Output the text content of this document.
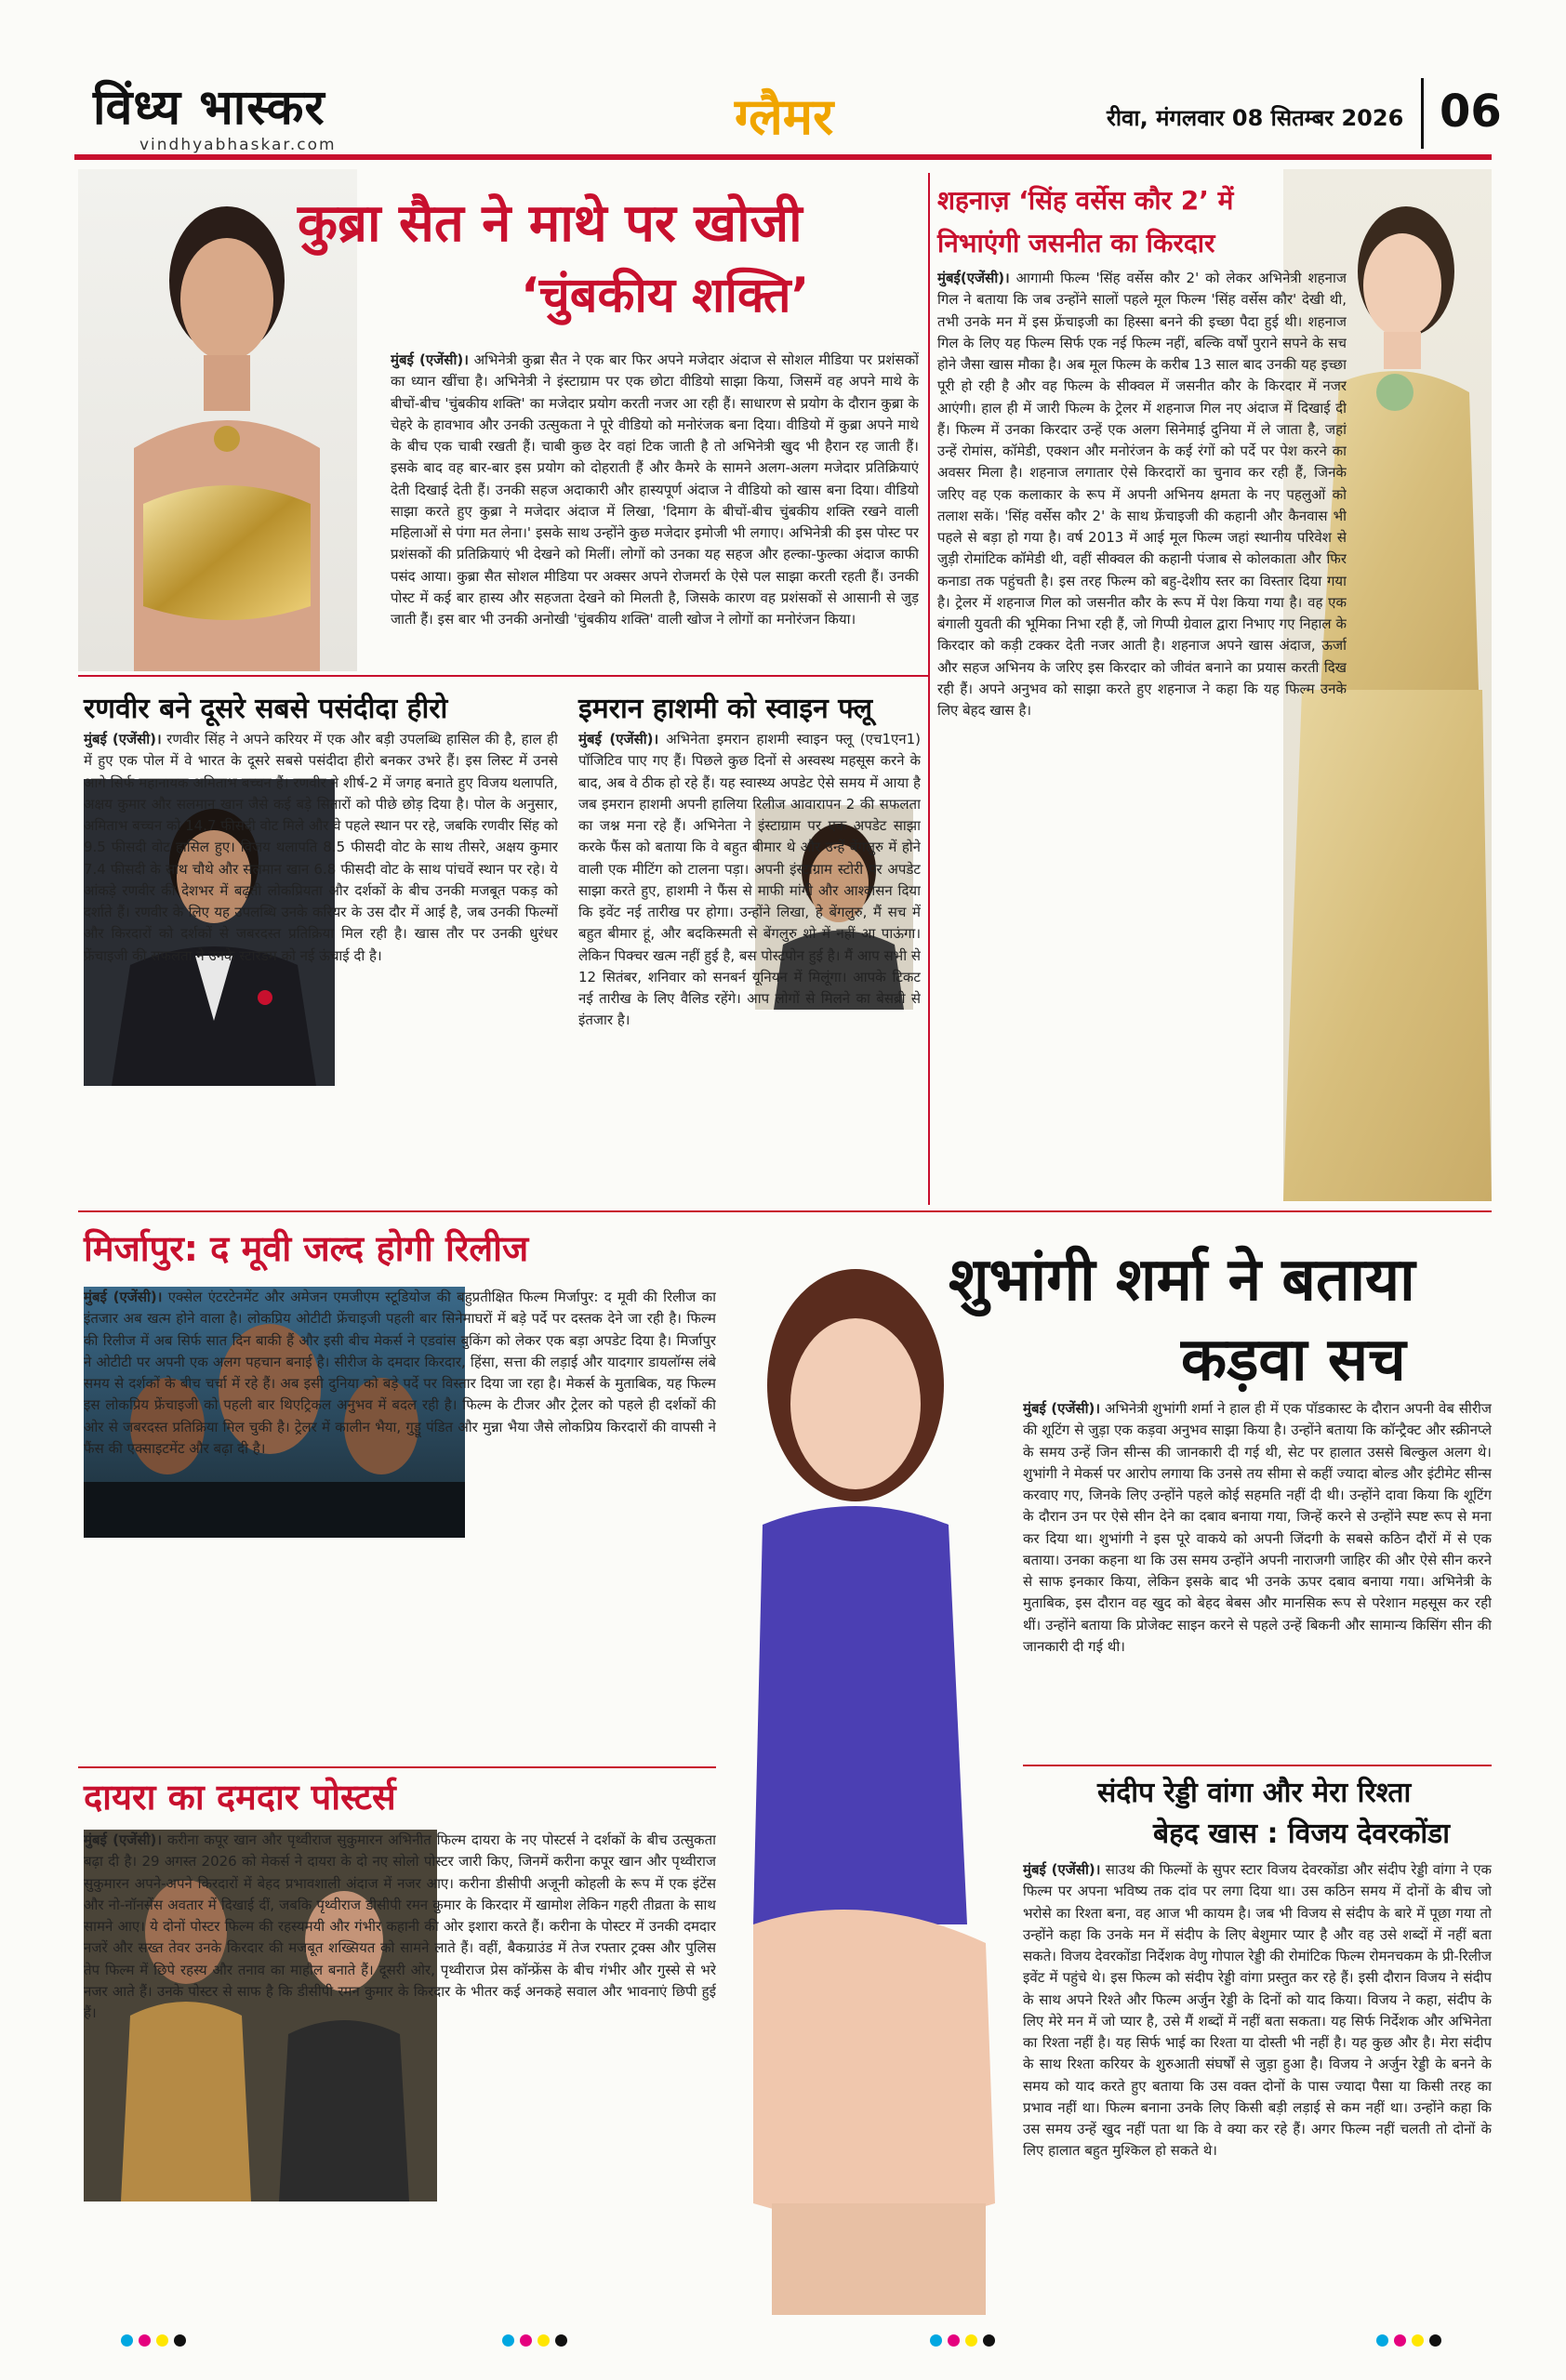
विंध्य भास्कर
vindhyabhaskar.com	ग्लैमर	रीवा, मंगलवार 08 सितम्बर 2026 06
कुब्रा सैत ने माथे पर खोजी
‘चुंबकीय शक्ति’
मुंबई (एजेंसी)। अभिनेत्री कुब्रा सैत ने एक बार फिर अपने मजेदार अंदाज से सोशल मीडिया पर प्रशंसकों का ध्यान खींचा है। अभिनेत्री ने इंस्टाग्राम पर एक छोटा वीडियो साझा किया, जिसमें वह अपने माथे के बीचों-बीच 'चुंबकीय शक्ति' का मजेदार प्रयोग करती नजर आ रही हैं। साधारण से प्रयोग के दौरान कुब्रा के चेहरे के हावभाव और उनकी उत्सुकता ने पूरे वीडियो को मनोरंजक बना दिया। वीडियो में कुब्रा अपने माथे के बीच एक चाबी रखती हैं। चाबी कुछ देर वहां टिक जाती है तो अभिनेत्री खुद भी हैरान रह जाती हैं। इसके बाद वह बार-बार इस प्रयोग को दोहराती हैं और कैमरे के सामने अलग-अलग मजेदार प्रतिक्रियाएं देती दिखाई देती हैं। उनकी सहज अदाकारी और हास्यपूर्ण अंदाज ने वीडियो को खास बना दिया। वीडियो साझा करते हुए कुब्रा ने मजेदार अंदाज में लिखा, 'दिमाग के बीचों-बीच चुंबकीय शक्ति रखने वाली महिलाओं से पंगा मत लेना।' इसके साथ उन्होंने कुछ मजेदार इमोजी भी लगाए। अभिनेत्री की इस पोस्ट पर प्रशंसकों की प्रतिक्रियाएं भी देखने को मिलीं। लोगों को उनका यह सहज और हल्का-फुल्का अंदाज काफी पसंद आया। कुब्रा सैत सोशल मीडिया पर अक्सर अपने रोजमर्रा के ऐसे पल साझा करती रहती हैं। उनकी पोस्ट में कई बार हास्य और सहजता देखने को मिलती है, जिसके कारण वह प्रशंसकों से आसानी से जुड़ जाती हैं। इस बार भी उनकी अनोखी 'चुंबकीय शक्ति' वाली खोज ने लोगों का मनोरंजन किया।
शहनाज़ ‘सिंह वर्सेस कौर 2’ में
निभाएंगी जसनीत का किरदार
मुंबई(एजेंसी)। आगामी फिल्म 'सिंह वर्सेस कौर 2' को लेकर अभिनेत्री शहनाज गिल ने बताया कि जब उन्होंने सालों पहले मूल फिल्म 'सिंह वर्सेस कौर' देखी थी, तभी उनके मन में इस फ्रेंचाइजी का हिस्सा बनने की इच्छा पैदा हुई थी। शहनाज गिल के लिए यह फिल्म सिर्फ एक नई फिल्म नहीं, बल्कि वर्षों पुराने सपने के सच होने जैसा खास मौका है। अब मूल फिल्म के करीब 13 साल बाद उनकी यह इच्छा पूरी हो रही है और वह फिल्म के सीक्वल में जसनीत कौर के किरदार में नजर आएंगी। हाल ही में जारी फिल्म के ट्रेलर में शहनाज गिल नए अंदाज में दिखाई दी हैं। फिल्म में उनका किरदार उन्हें एक अलग सिनेमाई दुनिया में ले जाता है, जहां उन्हें रोमांस, कॉमेडी, एक्शन और मनोरंजन के कई रंगों को पर्दे पर पेश करने का अवसर मिला है। शहनाज लगातार ऐसे किरदारों का चुनाव कर रही हैं, जिनके जरिए वह एक कलाकार के रूप में अपनी अभिनय क्षमता के नए पहलुओं को तलाश सकें। 'सिंह वर्सेस कौर 2' के साथ फ्रेंचाइजी की कहानी और कैनवास भी पहले से बड़ा हो गया है। वर्ष 2013 में आई मूल फिल्म जहां स्थानीय परिवेश से जुड़ी रोमांटिक कॉमेडी थी, वहीं सीक्वल की कहानी पंजाब से कोलकाता और फिर कनाडा तक पहुंचती है। इस तरह फिल्म को बहु-देशीय स्तर का विस्तार दिया गया है। ट्रेलर में शहनाज गिल को जसनीत कौर के रूप में पेश किया गया है। वह एक बंगाली युवती की भूमिका निभा रही हैं, जो गिप्पी ग्रेवाल द्वारा निभाए गए निहाल के किरदार को कड़ी टक्कर देती नजर आती है। शहनाज अपने खास अंदाज, ऊर्जा और सहज अभिनय के जरिए इस किरदार को जीवंत बनाने का प्रयास करती दिख रही हैं। अपने अनुभव को साझा करते हुए शहनाज ने कहा कि यह फिल्म उनके लिए बेहद खास है।
रणवीर बने दूसरे सबसे पसंदीदा हीरो
मुंबई (एजेंसी)। रणवीर सिंह ने अपने करियर में एक और बड़ी उपलब्धि हासिल की है, हाल ही में हुए एक पोल में वे भारत के दूसरे सबसे पसंदीदा हीरो बनकर उभरे हैं। इस लिस्ट में उनसे आगे सिर्फ महानायक अमिताभ बच्चन हैं। रणवीर ने शीर्ष-2 में जगह बनाते हुए विजय थलापति, अक्षय कुमार और सलमान खान जैसे कई बड़े सितारों को पीछे छोड़ दिया है। पोल के अनुसार, अमिताभ बच्चन को 14.7 फीसदी वोट मिले और वे पहले स्थान पर रहे, जबकि रणवीर सिंह को 9.5 फीसदी वोट हासिल हुए। विजय थलापति 8.5 फीसदी वोट के साथ तीसरे, अक्षय कुमार 7.4 फीसदी के साथ चौथे और सलमान खान 6.8 फीसदी वोट के साथ पांचवें स्थान पर रहे। ये आंकड़े रणवीर की देशभर में बढ़ती लोकप्रियता और दर्शकों के बीच उनकी मजबूत पकड़ को दर्शाते हैं। रणवीर के लिए यह उपलब्धि उनके करियर के उस दौर में आई है, जब उनकी फिल्मों और किरदारों को दर्शकों से जबरदस्त प्रतिक्रिया मिल रही है। खास तौर पर उनकी धुरंधर फ्रेंचाइजी की सफलता ने उनके स्टारडम को नई ऊंचाई दी है।
इमरान हाशमी को स्वाइन फ्लू
मुंबई (एजेंसी)। अभिनेता इमरान हाशमी स्वाइन फ्लू (एच1एन1) पॉजिटिव पाए गए हैं। पिछले कुछ दिनों से अस्वस्थ महसूस करने के बाद, अब वे ठीक हो रहे हैं। यह स्वास्थ्य अपडेट ऐसे समय में आया है जब इमरान हाशमी अपनी हालिया रिलीज आवारापन 2 की सफलता का जश्न मना रहे हैं। अभिनेता ने इंस्टाग्राम पर एक अपडेट साझा करके फैंस को बताया कि वे बहुत बीमार थे और उन्हें बेंगलुरु में होने वाली एक मीटिंग को टालना पड़ा। अपनी इंस्टाग्राम स्टोरी पर अपडेट साझा करते हुए, हाशमी ने फैंस से माफी मांगी और आश्वासन दिया कि इवेंट नई तारीख पर होगा। उन्होंने लिखा, हे बेंगलुरु, मैं सच में बहुत बीमार हूं, और बदकिस्मती से बेंगलुरु शो में नहीं आ पाऊंगा। लेकिन पिक्चर खत्म नहीं हुई है, बस पोस्टपोन हुई है। मैं आप सभी से 12 सितंबर, शनिवार को सनबर्न यूनियन में मिलूंगा। आपके टिकट नई तारीख के लिए वैलिड रहेंगे। आप लोगों से मिलने का बेसब्री से इंतजार है।
मिर्जापुर: द मूवी जल्द होगी रिलीज
मुंबई (एजेंसी)। एक्सेल एंटरटेनमेंट और अमेजन एमजीएम स्टूडियोज की बहुप्रतीक्षित फिल्म मिर्जापुर: द मूवी की रिलीज का इंतजार अब खत्म होने वाला है। लोकप्रिय ओटीटी फ्रेंचाइजी पहली बार सिनेमाघरों में बड़े पर्दे पर दस्तक देने जा रही है। फिल्म की रिलीज में अब सिर्फ सात दिन बाकी हैं और इसी बीच मेकर्स ने एडवांस बुकिंग को लेकर एक बड़ा अपडेट दिया है। मिर्जापुर ने ओटीटी पर अपनी एक अलग पहचान बनाई है। सीरीज के दमदार किरदार, हिंसा, सत्ता की लड़ाई और यादगार डायलॉग्स लंबे समय से दर्शकों के बीच चर्चा में रहे हैं। अब इसी दुनिया को बड़े पर्दे पर विस्तार दिया जा रहा है। मेकर्स के मुताबिक, यह फिल्म इस लोकप्रिय फ्रेंचाइजी को पहली बार थिएट्रिकल अनुभव में बदल रही है। फिल्म के टीजर और ट्रेलर को पहले ही दर्शकों की ओर से जबरदस्त प्रतिक्रिया मिल चुकी है। ट्रेलर में कालीन भैया, गुड्डू पंडित और मुन्ना भैया जैसे लोकप्रिय किरदारों की वापसी ने फैंस की एक्साइटमेंट और बढ़ा दी है।
दायरा का दमदार पोस्टर्स
मुंबई (एजेंसी)। करीना कपूर खान और पृथ्वीराज सुकुमारन अभिनीत फिल्म दायरा के नए पोस्टर्स ने दर्शकों के बीच उत्सुकता बढ़ा दी है। 29 अगस्त 2026 को मेकर्स ने दायरा के दो नए सोलो पोस्टर जारी किए, जिनमें करीना कपूर खान और पृथ्वीराज सुकुमारन अपने-अपने किरदारों में बेहद प्रभावशाली अंदाज में नजर आए। करीना डीसीपी अजूनी कोहली के रूप में एक इंटेंस और नो-नॉनसेंस अवतार में दिखाई दीं, जबकि पृथ्वीराज डीसीपी रमन कुमार के किरदार में खामोश लेकिन गहरी तीव्रता के साथ सामने आए। ये दोनों पोस्टर फिल्म की रहस्यमयी और गंभीर कहानी की ओर इशारा करते हैं। करीना के पोस्टर में उनकी दमदार नजरें और सख्त तेवर उनके किरदार की मजबूत शख्सियत को सामने लाते हैं। वहीं, बैकग्राउंड में तेज रफ्तार ट्रक्स और पुलिस तेप फिल्म में छिपे रहस्य और तनाव का माहौल बनाते हैं। दूसरी ओर, पृथ्वीराज प्रेस कॉन्फ्रेंस के बीच गंभीर और गुस्से से भरे नजर आते हैं। उनके पोस्टर से साफ है कि डीसीपी रमन कुमार के किरदार के भीतर कई अनकहे सवाल और भावनाएं छिपी हुई हैं।
शुभांगी शर्मा ने बताया
कड़वा सच
मुंबई (एजेंसी)। अभिनेत्री शुभांगी शर्मा ने हाल ही में एक पॉडकास्ट के दौरान अपनी वेब सीरीज की शूटिंग से जुड़ा एक कड़वा अनुभव साझा किया है। उन्होंने बताया कि कॉन्ट्रैक्ट और स्क्रीनप्ले के समय उन्हें जिन सीन्स की जानकारी दी गई थी, सेट पर हालात उससे बिल्कुल अलग थे। शुभांगी ने मेकर्स पर आरोप लगाया कि उनसे तय सीमा से कहीं ज्यादा बोल्ड और इंटीमेट सीन्स करवाए गए, जिनके लिए उन्होंने पहले कोई सहमति नहीं दी थी। उन्होंने दावा किया कि शूटिंग के दौरान उन पर ऐसे सीन देने का दबाव बनाया गया, जिन्हें करने से उन्होंने स्पष्ट रूप से मना कर दिया था। शुभांगी ने इस पूरे वाकये को अपनी जिंदगी के सबसे कठिन दौरों में से एक बताया। उनका कहना था कि उस समय उन्होंने अपनी नाराजगी जाहिर की और ऐसे सीन करने से साफ इनकार किया, लेकिन इसके बाद भी उनके ऊपर दबाव बनाया गया। अभिनेत्री के मुताबिक, इस दौरान वह खुद को बेहद बेबस और मानसिक रूप से परेशान महसूस कर रही थीं। उन्होंने बताया कि प्रोजेक्ट साइन करने से पहले उन्हें बिकनी और सामान्य किसिंग सीन की जानकारी दी गई थी।
संदीप रेड्डी वांगा और मेरा रिश्ता
बेहद खास : विजय देवरकोंडा
मुंबई (एजेंसी)। साउथ की फिल्मों के सुपर स्टार विजय देवरकोंडा और संदीप रेड्डी वांगा ने एक फिल्म पर अपना भविष्य तक दांव पर लगा दिया था। उस कठिन समय में दोनों के बीच जो भरोसे का रिश्ता बना, वह आज भी कायम है। जब भी विजय से संदीप के बारे में पूछा गया तो उन्होंने कहा कि उनके मन में संदीप के लिए बेशुमार प्यार है और वह उसे शब्दों में नहीं बता सकते। विजय देवरकोंडा निर्देशक वेणु गोपाल रेड्डी की रोमांटिक फिल्म रोमनचकम के प्री-रिलीज इवेंट में पहुंचे थे। इस फिल्म को संदीप रेड्डी वांगा प्रस्तुत कर रहे हैं। इसी दौरान विजय ने संदीप के साथ अपने रिश्ते और फिल्म अर्जुन रेड्डी के दिनों को याद किया। विजय ने कहा, संदीप के लिए मेरे मन में जो प्यार है, उसे मैं शब्दों में नहीं बता सकता। यह सिर्फ निर्देशक और अभिनेता का रिश्ता नहीं है। यह सिर्फ भाई का रिश्ता या दोस्ती भी नहीं है। यह कुछ और है। मेरा संदीप के साथ रिश्ता करियर के शुरुआती संघर्षों से जुड़ा हुआ है। विजय ने अर्जुन रेड्डी के बनने के समय को याद करते हुए बताया कि उस वक्त दोनों के पास ज्यादा पैसा या किसी तरह का प्रभाव नहीं था। फिल्म बनाना उनके लिए किसी बड़ी लड़ाई से कम नहीं था। उन्होंने कहा कि उस समय उन्हें खुद नहीं पता था कि वे क्या कर रहे हैं। अगर फिल्म नहीं चलती तो दोनों के लिए हालात बहुत मुश्किल हो सकते थे।
